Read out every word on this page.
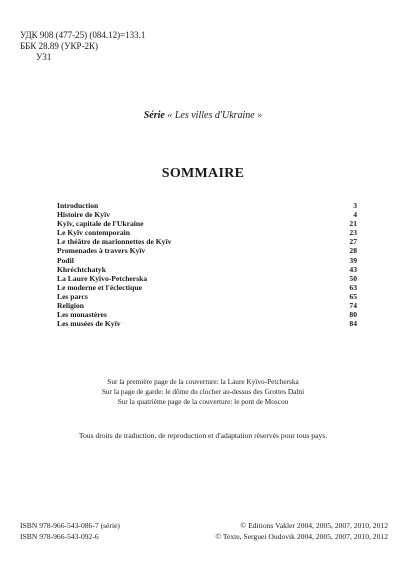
УДК 908 (477-25) (084.12)=133.1
ББК 28.89 (УКР-2К)
У31
Série « Les villes d'Ukraine »
SOMMAIRE
Introduction	3
Histoire de Kyïv	4
Kyïv, capitale de l'Ukraine	21
Le Kyïv contemporain	23
Le théâtre de marionnettes de Kyïv	27
Promenades à travers Kyïv	28
Podil	39
Khréchtchatyk	43
La Laure Kyïvo-Petcherska	50
Le moderne et l'éclectique	63
Les parcs	65
Religion	74
Les monastères	80
Les musées de Kyïv	84
Sur la première page de la couverture: la Laure Kyïvo-Petcherska
Sur la page de garde: le dôme du clocher au-dessus des Grottes Dalni
Sur la quatrième page de la couverture: le pont de Moscou
Tous droits de traduction, de reproduction et d'adaptation réservés pour tous pays.
ISBN 978-966-543-086-7 (série)
ISBN 978-966-543-092-6
© Editions Vakler 2004, 2005, 2007, 2010, 2012
© Texte, Serguei Oudovik 2004, 2005, 2007, 2010, 2012
